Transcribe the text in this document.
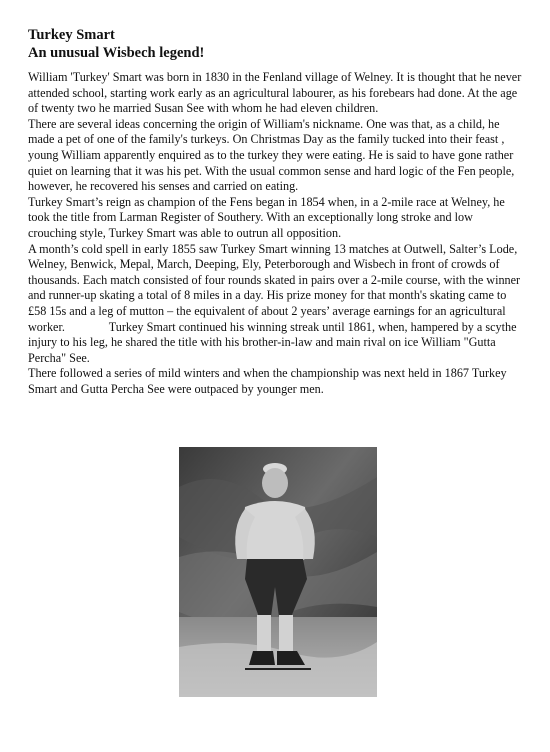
Turkey Smart
An unusual Wisbech legend!
William 'Turkey' Smart was born in 1830 in the Fenland village of Welney. It is thought that he never attended school, starting work early as an agricultural labourer, as his forebears had done. At the age of twenty two he married Susan See with whom he had eleven children.
There are several ideas concerning the origin of William's nickname. One was that, as a child, he made a pet of one of the family's turkeys. On Christmas Day as the family tucked into their feast , young William apparently enquired as to the turkey they were eating. He is said to have gone rather quiet on learning that it was his pet. With the usual common sense and hard logic of the Fen people, however, he recovered his senses and carried on eating.
Turkey Smart’s reign as champion of the Fens began in 1854 when, in a 2-mile race at Welney, he took the title from Larman Register of Southery. With an exceptionally long stroke and low crouching style, Turkey Smart was able to outrun all opposition.
A month’s cold spell in early 1855 saw Turkey Smart winning 13 matches at Outwell, Salter’s Lode, Welney, Benwick, Mepal, March, Deeping, Ely, Peterborough and Wisbech in front of crowds of thousands. Each match consisted of four rounds skated in pairs over a 2-mile course, with the winner and runner-up skating a total of 8 miles in a day. His prize money for that month's skating came to £58 15s and a leg of mutton – the equivalent of about 2 years’ average earnings for an agricultural worker.	Turkey Smart continued his winning streak until 1861, when, hampered by a scythe injury to his leg, he shared the title with his brother-in-law and main rival on ice William "Gutta Percha" See.
There followed a series of mild winters and when the championship was next held in 1867 Turkey Smart and Gutta Percha See were outpaced by younger men.
